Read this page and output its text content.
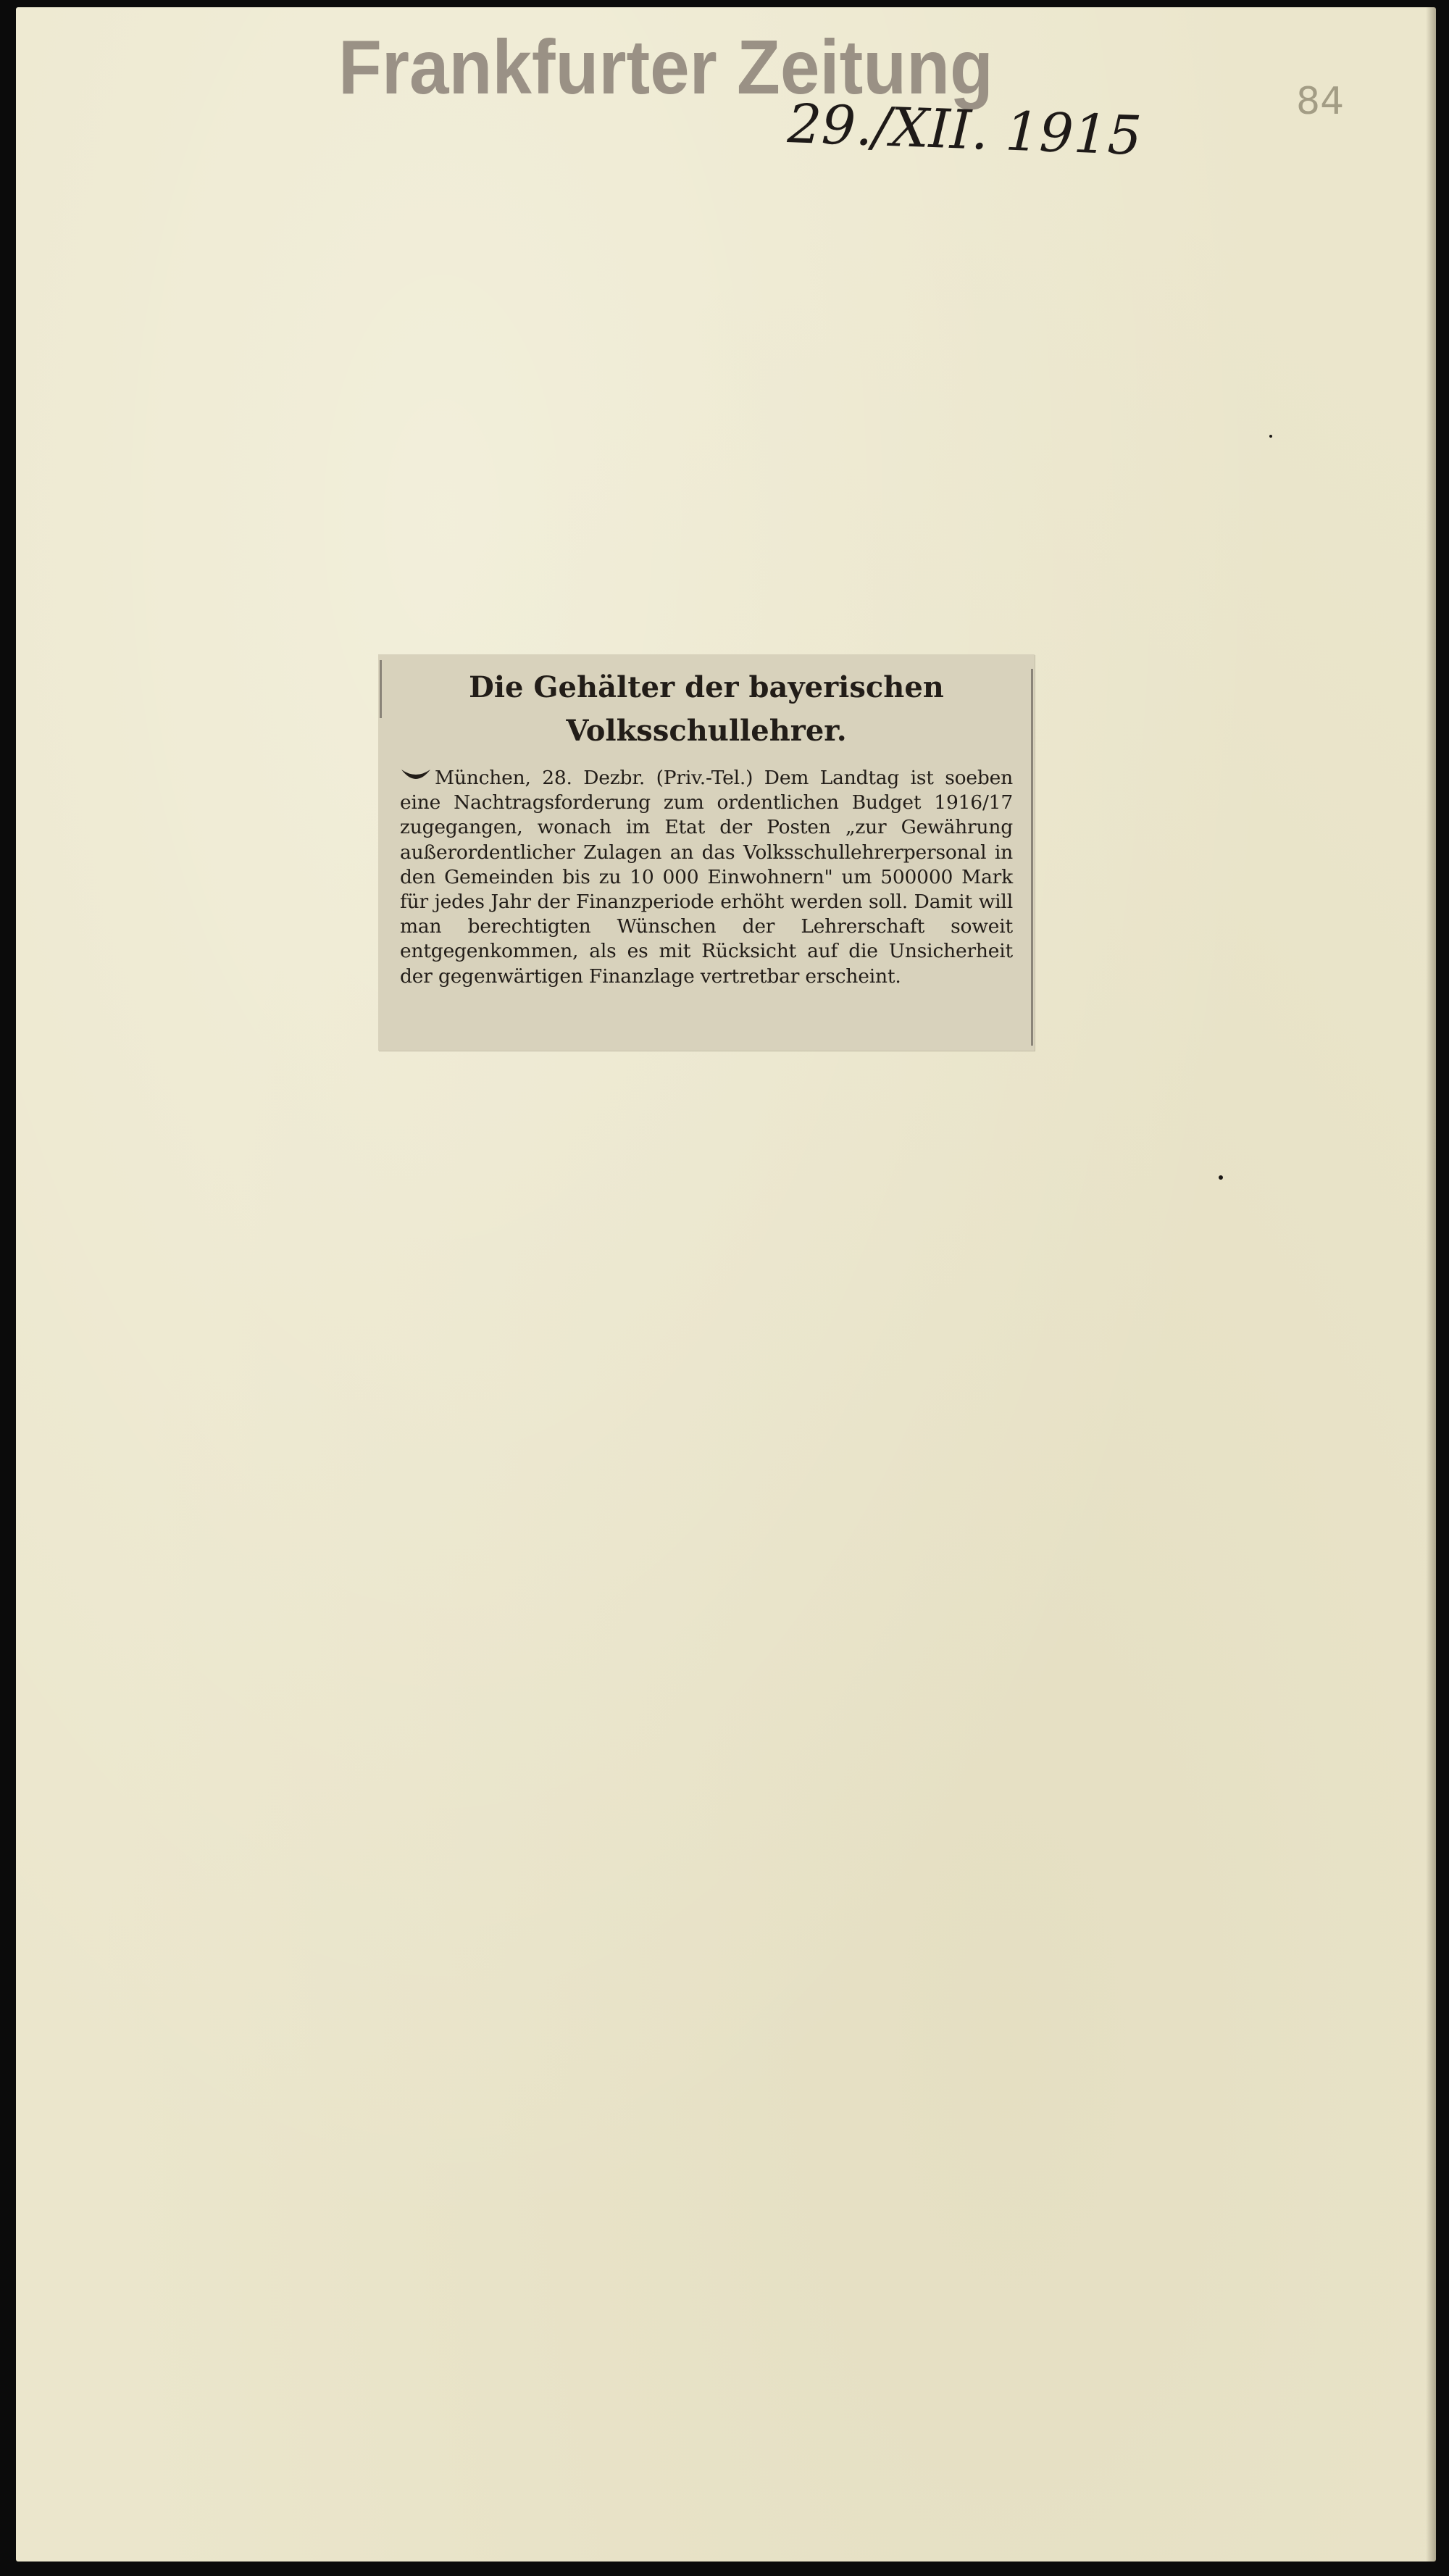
Frankfurter Zeitung
29./XII. 1915	84
Die Gehälter der bayerischen Volksschullehrer.

München, 28. Dezbr. (Priv.-Tel.) Dem Landtag ist soeben eine Nachtragsforderung zum ordentlichen Budget 1916/17 zugegangen, wonach im Etat der Posten „zur Gewährung außerordentlicher Zulagen an das Volksschullehrerpersonal in den Gemeinden bis zu 10 000 Einwohnern" um 500000 Mark für jedes Jahr der Finanzperiode erhöht werden soll. Damit will man berechtigten Wünschen der Lehrerschaft soweit entgegenkommen, als es mit Rücksicht auf die Unsicherheit der gegenwärtigen Finanzlage vertretbar erscheint.
